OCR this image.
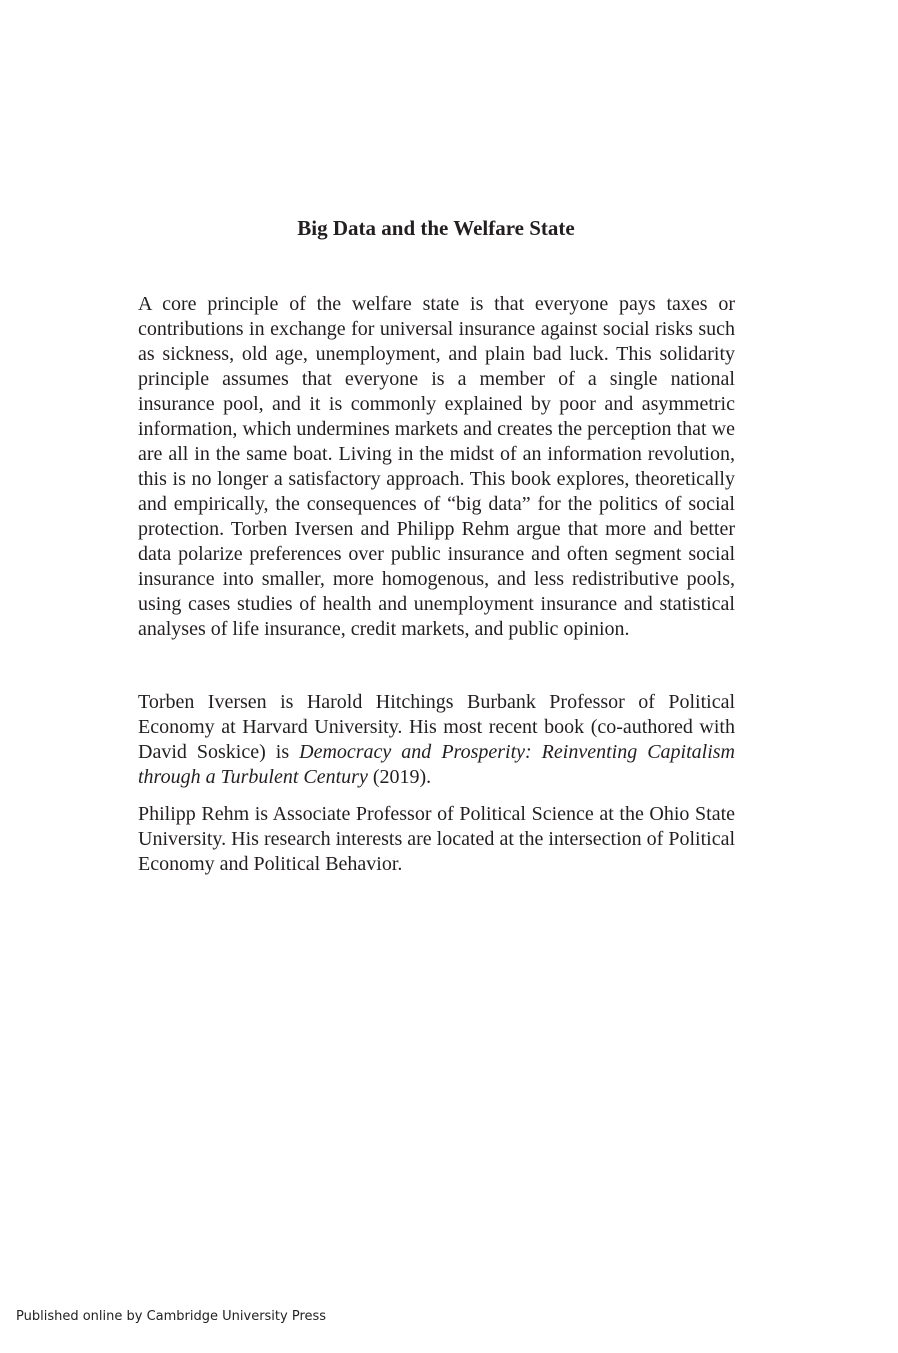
Big Data and the Welfare State

A core principle of the welfare state is that everyone pays taxes or contributions in exchange for universal insurance against social risks such as sickness, old age, unemployment, and plain bad luck. This solidarity principle assumes that everyone is a member of a single national insurance pool, and it is commonly explained by poor and asymmetric information, which undermines markets and creates the perception that we are all in the same boat. Living in the midst of an information revolution, this is no longer a satisfactory approach. This book explores, theoretically and empirically, the consequences of “big data” for the politics of social protection. Torben Iversen and Philipp Rehm argue that more and better data polarize preferences over public insurance and often segment social insurance into smaller, more homogenous, and less redistributive pools, using cases studies of health and unemployment insurance and statistical analyses of life insurance, credit markets, and public opinion.

Torben Iversen is Harold Hitchings Burbank Professor of Political Economy at Harvard University. His most recent book (co-authored with David Soskice) is Democracy and Prosperity: Reinventing Capitalism through a Turbulent Century (2019).

Philipp Rehm is Associate Professor of Political Science at the Ohio State University. His research interests are located at the intersection of Political Economy and Political Behavior.

Published online by Cambridge University Press
